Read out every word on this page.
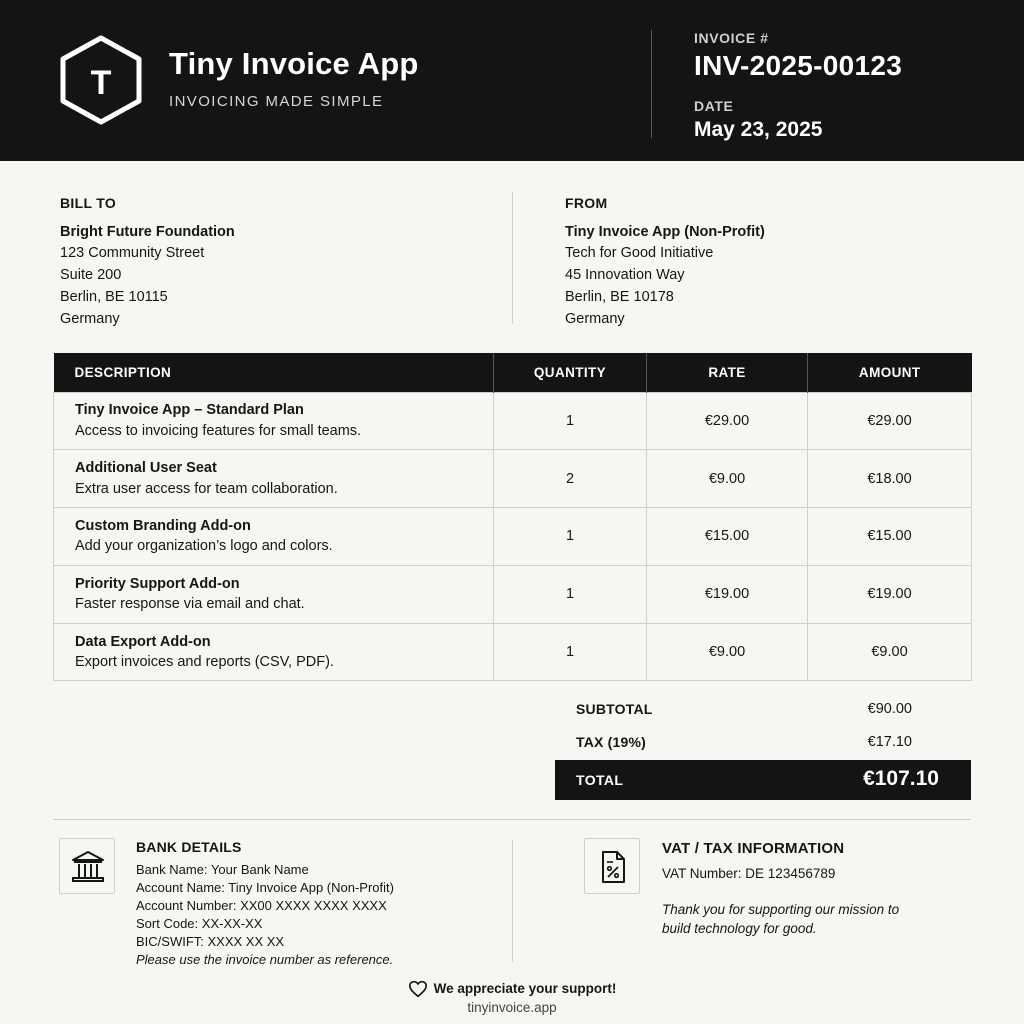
T
Tiny Invoice App
INVOICING MADE SIMPLE
INVOICE #
INV-2025-00123
DATE
May 23, 2025
BILL TO
Bright Future Foundation
123 Community Street
Suite 200
Berlin, BE 10115
Germany
FROM
Tiny Invoice App (Non-Profit)
Tech for Good Initiative
45 Innovation Way
Berlin, BE 10178
Germany
DESCRIPTION	QUANTITY	RATE	AMOUNT

Tiny Invoice App – Standard Plan
Access to invoicing features for small teams.	1	€29.00	€29.00

Additional User Seat
Extra user access for team collaboration.	2	€9.00	€18.00

Custom Branding Add-on
Add your organization’s logo and colors.	1	€15.00	€15.00

Priority Support Add-on
Faster response via email and chat.	1	€19.00	€19.00

Data Export Add-on
Export invoices and reports (CSV, PDF).	1	€9.00	€9.00
SUBTOTAL	€90.00
TAX (19%)	€17.10
TOTAL	€107.10
BANK DETAILS
Bank Name: Your Bank Name
Account Name: Tiny Invoice App (Non-Profit)
Account Number: XX00 XXXX XXXX XXXX
Sort Code: XX-XX-XX
BIC/SWIFT: XXXX XX XX
Please use the invoice number as reference.
VAT / TAX INFORMATION
VAT Number: DE 123456789
Thank you for supporting our mission to build technology for good.
We appreciate your support!
tinyinvoice.app
